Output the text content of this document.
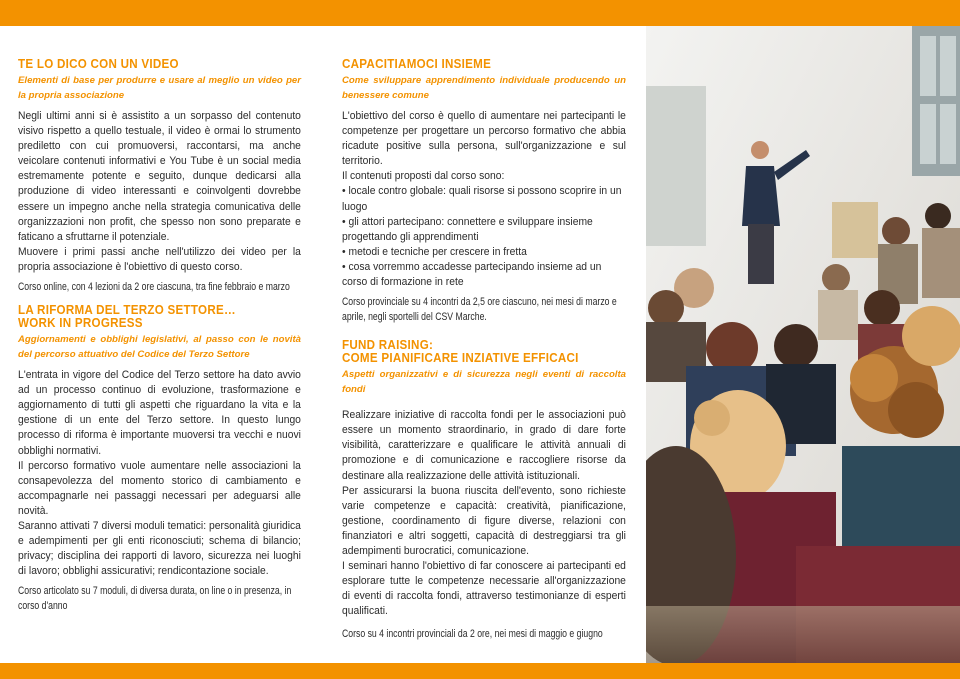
TE LO DICO CON UN VIDEO
Elementi di base per produrre e usare al meglio un video per la propria associazione

Negli ultimi anni si è assistito a un sorpasso del contenuto visivo rispetto a quello testuale, il video è ormai lo strumento prediletto con cui promuoversi, raccontarsi, ma anche veicolare contenuti informativi e You Tube è un social media estremamente potente e seguito, dunque dedicarsi alla produzione di video interessanti e coinvolgenti dovrebbe essere un impegno anche nella strategia comunicativa delle organizzazioni non profit, che spesso non sono preparate e faticano a sfruttarne il potenziale.

Muovere i primi passi anche nell'utilizzo dei video per la propria associazione è l'obiettivo di questo corso.

Corso online, con 4 lezioni da 2 ore ciascuna, tra fine febbraio e marzo
LA RIFORMA DEL TERZO SETTORE…
WORK IN PROGRESS
Aggiornamenti e obblighi legislativi, al passo con le novità del percorso attuativo del Codice del Terzo Settore

L'entrata in vigore del Codice del Terzo settore ha dato avvio ad un processo continuo di evoluzione, trasformazione e aggiornamento di tutti gli aspetti che riguardano la vita e la gestione di un ente del Terzo settore. In questo lungo processo di riforma è importante muoversi tra vecchi e nuovi obblighi normativi.

Il percorso formativo vuole aumentare nelle associazioni la consapevolezza del momento storico di cambiamento e accompagnarle nei passaggi necessari per adeguarsi alle novità.

Saranno attivati 7 diversi moduli tematici: personalità giuridica e adempimenti per gli enti riconosciuti; schema di bilancio; privacy; disciplina dei rapporti di lavoro, sicurezza nei luoghi di lavoro; obblighi assicurativi; rendicontazione sociale.

Corso articolato su 7 moduli, di diversa durata, on line o in presenza, in corso d'anno
CAPACITIAMOCI INSIEME
Come sviluppare apprendimento individuale producendo un benessere comune

L'obiettivo del corso è quello di aumentare nei partecipanti le competenze per progettare un percorso formativo che abbia ricadute positive sulla persona, sull'organizzazione e sul territorio.

Il contenuti proposti dal corso sono:

• locale contro globale: quali risorse si possono scoprire in un luogo

• gli attori partecipano: connettere e sviluppare insieme progettando gli apprendimenti

• metodi e tecniche per crescere in fretta

• cosa vorremmo accadesse partecipando insieme ad un corso di formazione in rete

Corso provinciale su 4 incontri da 2,5 ore ciascuno, nei mesi di marzo e aprile, negli sportelli del CSV Marche.
FUND RAISING:
COME PIANIFICARE INZIATIVE EFFICACI
Aspetti organizzativi e di sicurezza negli eventi di raccolta fondi

Realizzare iniziative di raccolta fondi per le associazioni può essere un momento straordinario, in grado di dare forte visibilità, caratterizzare e qualificare le attività annuali di promozione e di comunicazione e raccogliere risorse da destinare alla realizzazione delle attività istituzionali.

Per assicurarsi la buona riuscita dell'evento, sono richieste varie competenze e capacità: creatività, pianificazione, gestione, coordinamento di figure diverse, relazioni con finanziatori e altri soggetti, capacità di destreggiarsi tra gli adempimenti burocratici, comunicazione.

I seminari hanno l'obiettivo di far conoscere ai partecipanti ed esplorare tutte le competenze necessarie all'organizzazione di eventi di raccolta fondi, attraverso testimonianze di esperti qualificati.

Corso su 4 incontri provinciali da 2 ore, nei mesi di maggio e giugno
